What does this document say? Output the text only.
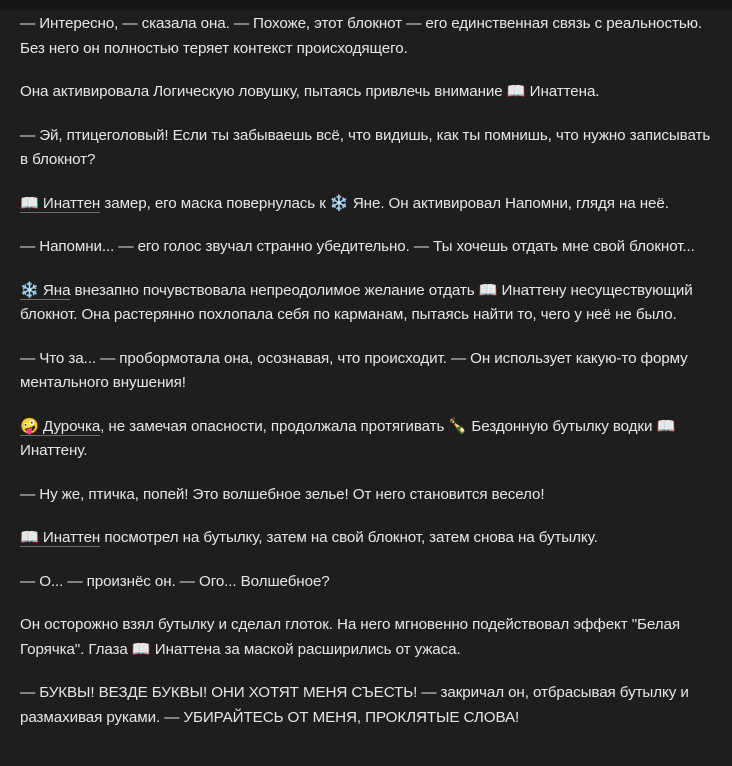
— Интересно, — сказала она. — Похоже, этот блокнот — его единственная связь с реальностью. Без него он полностью теряет контекст происходящего.

Она активировала Логическую ловушку, пытаясь привлечь внимание 📖 Инаттена.

— Эй, птицеголовый! Если ты забываешь всё, что видишь, как ты помнишь, что нужно записывать в блокнот?

📖 Инаттен замер, его маска повернулась к ❄️ Яне. Он активировал Напомни, глядя на неё.

— Напомни... — его голос звучал странно убедительно. — Ты хочешь отдать мне свой блокнот...

❄️ Яна внезапно почувствовала непреодолимое желание отдать 📖 Инаттену несуществующий блокнот. Она растерянно похлопала себя по карманам, пытаясь найти то, чего у неё не было.

— Что за... — пробормотала она, осознавая, что происходит. — Он использует какую-то форму ментального внушения!

🤪 Дурочка, не замечая опасности, продолжала протягивать 🍾 Бездонную бутылку водки 📖 Инаттену.

— Ну же, птичка, попей! Это волшебное зелье! От него становится весело!

📖 Инаттен посмотрел на бутылку, затем на свой блокнот, затем снова на бутылку.

— О... — произнёс он. — Ого... Волшебное?

Он осторожно взял бутылку и сделал глоток. На него мгновенно подействовал эффект "Белая Горячка". Глаза 📖 Инаттена за маской расширились от ужаса.

— БУКВЫ! ВЕЗДЕ БУКВЫ! ОНИ ХОТЯТ МЕНЯ СЪЕСТЬ! — закричал он, отбрасывая бутылку и размахивая руками. — УБИРАЙТЕСЬ ОТ МЕНЯ, ПРОКЛЯТЫЕ СЛОВА!
